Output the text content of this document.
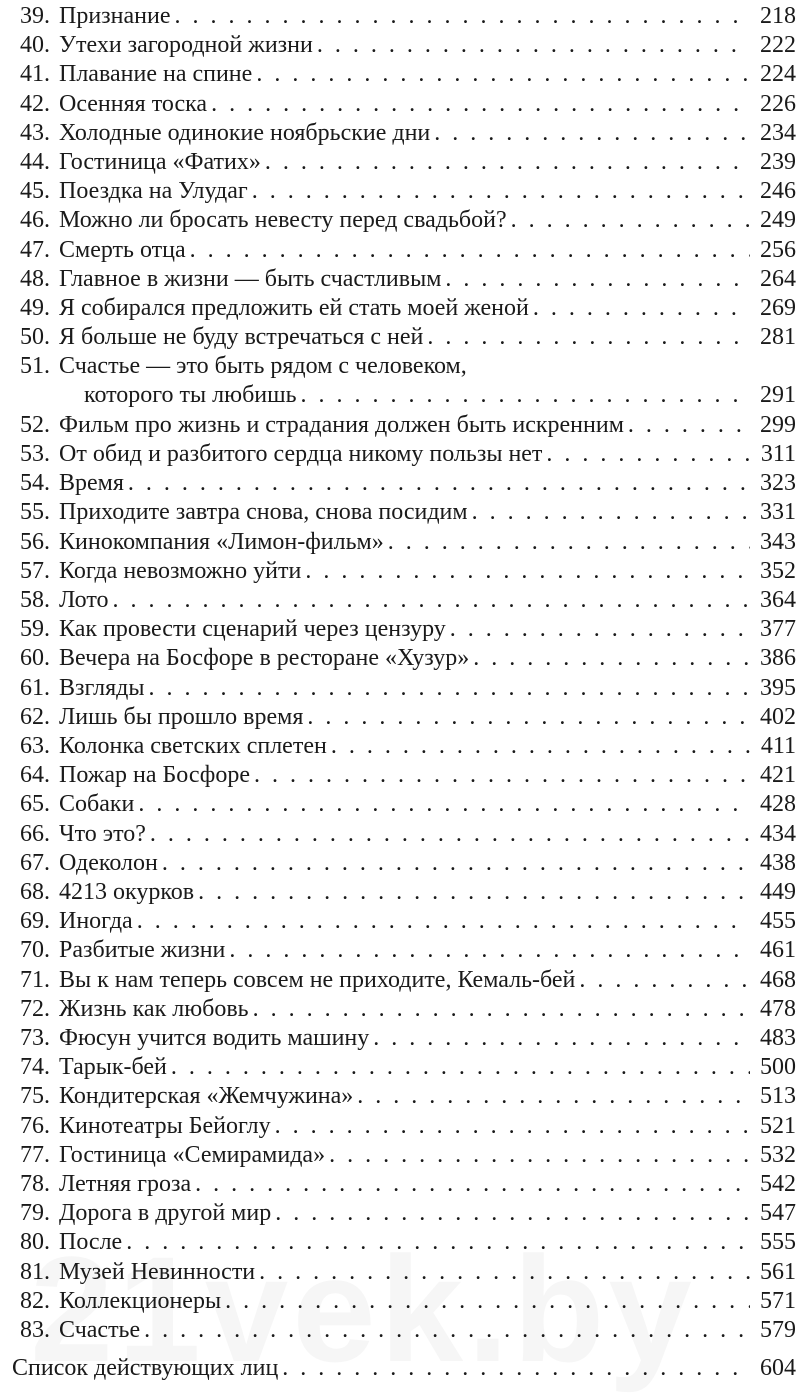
39. Признание . . .	218
40. Утехи загородной жизни . . .	222
41. Плавание на спине . . .	224
42. Осенняя тоска . . .	226
43. Холодные одинокие ноябрьские дни . . .	234
44. Гостиница «Фатих» . . .	239
45. Поездка на Улудаг . . .	246
46. Можно ли бросать невесту перед свадьбой? . . .	249
47. Смерть отца . . .	256
48. Главное в жизни — быть счастливым . . .	264
49. Я собирался предложить ей стать моей женой . . .	269
50. Я больше не буду встречаться с ней . . .	281
51. Счастье — это быть рядом с человеком,
которого ты любишь . . .	291
52. Фильм про жизнь и страдания должен быть искренним . . .	299
53. От обид и разбитого сердца никому пользы нет . . .	311
54. Время . . .	323
55. Приходите завтра снова, снова посидим . . .	331
56. Кинокомпания «Лимон-фильм» . . .	343
57. Когда невозможно уйти . . .	352
58. Лото . . .	364
59. Как провести сценарий через цензуру . . .	377
60. Вечера на Босфоре в ресторане «Хузур» . . .	386
61. Взгляды . . .	395
62. Лишь бы прошло время . . .	402
63. Колонка светских сплетен . . .	411
64. Пожар на Босфоре . . .	421
65. Собаки . . .	428
66. Что это? . . .	434
67. Одеколон . . .	438
68. 4213 окурков . . .	449
69. Иногда . . .	455
70. Разбитые жизни . . .	461
71. Вы к нам теперь совсем не приходите, Кемаль-бей . . .	468
72. Жизнь как любовь . . .	478
73. Фюсун учится водить машину . . .	483
74. Тарык-бей . . .	500
75. Кондитерская «Жемчужина» . . .	513
76. Кинотеатры Бейоглу . . .	521
77. Гостиница «Семирамида» . . .	532
78. Летняя гроза . . .	542
79. Дорога в другой мир . . .	547
80. После . . .	555
81. Музей Невинности . . .	561
82. Коллекционеры . . .	571
83. Счастье . . .	579
Список действующих лиц . . .	604
